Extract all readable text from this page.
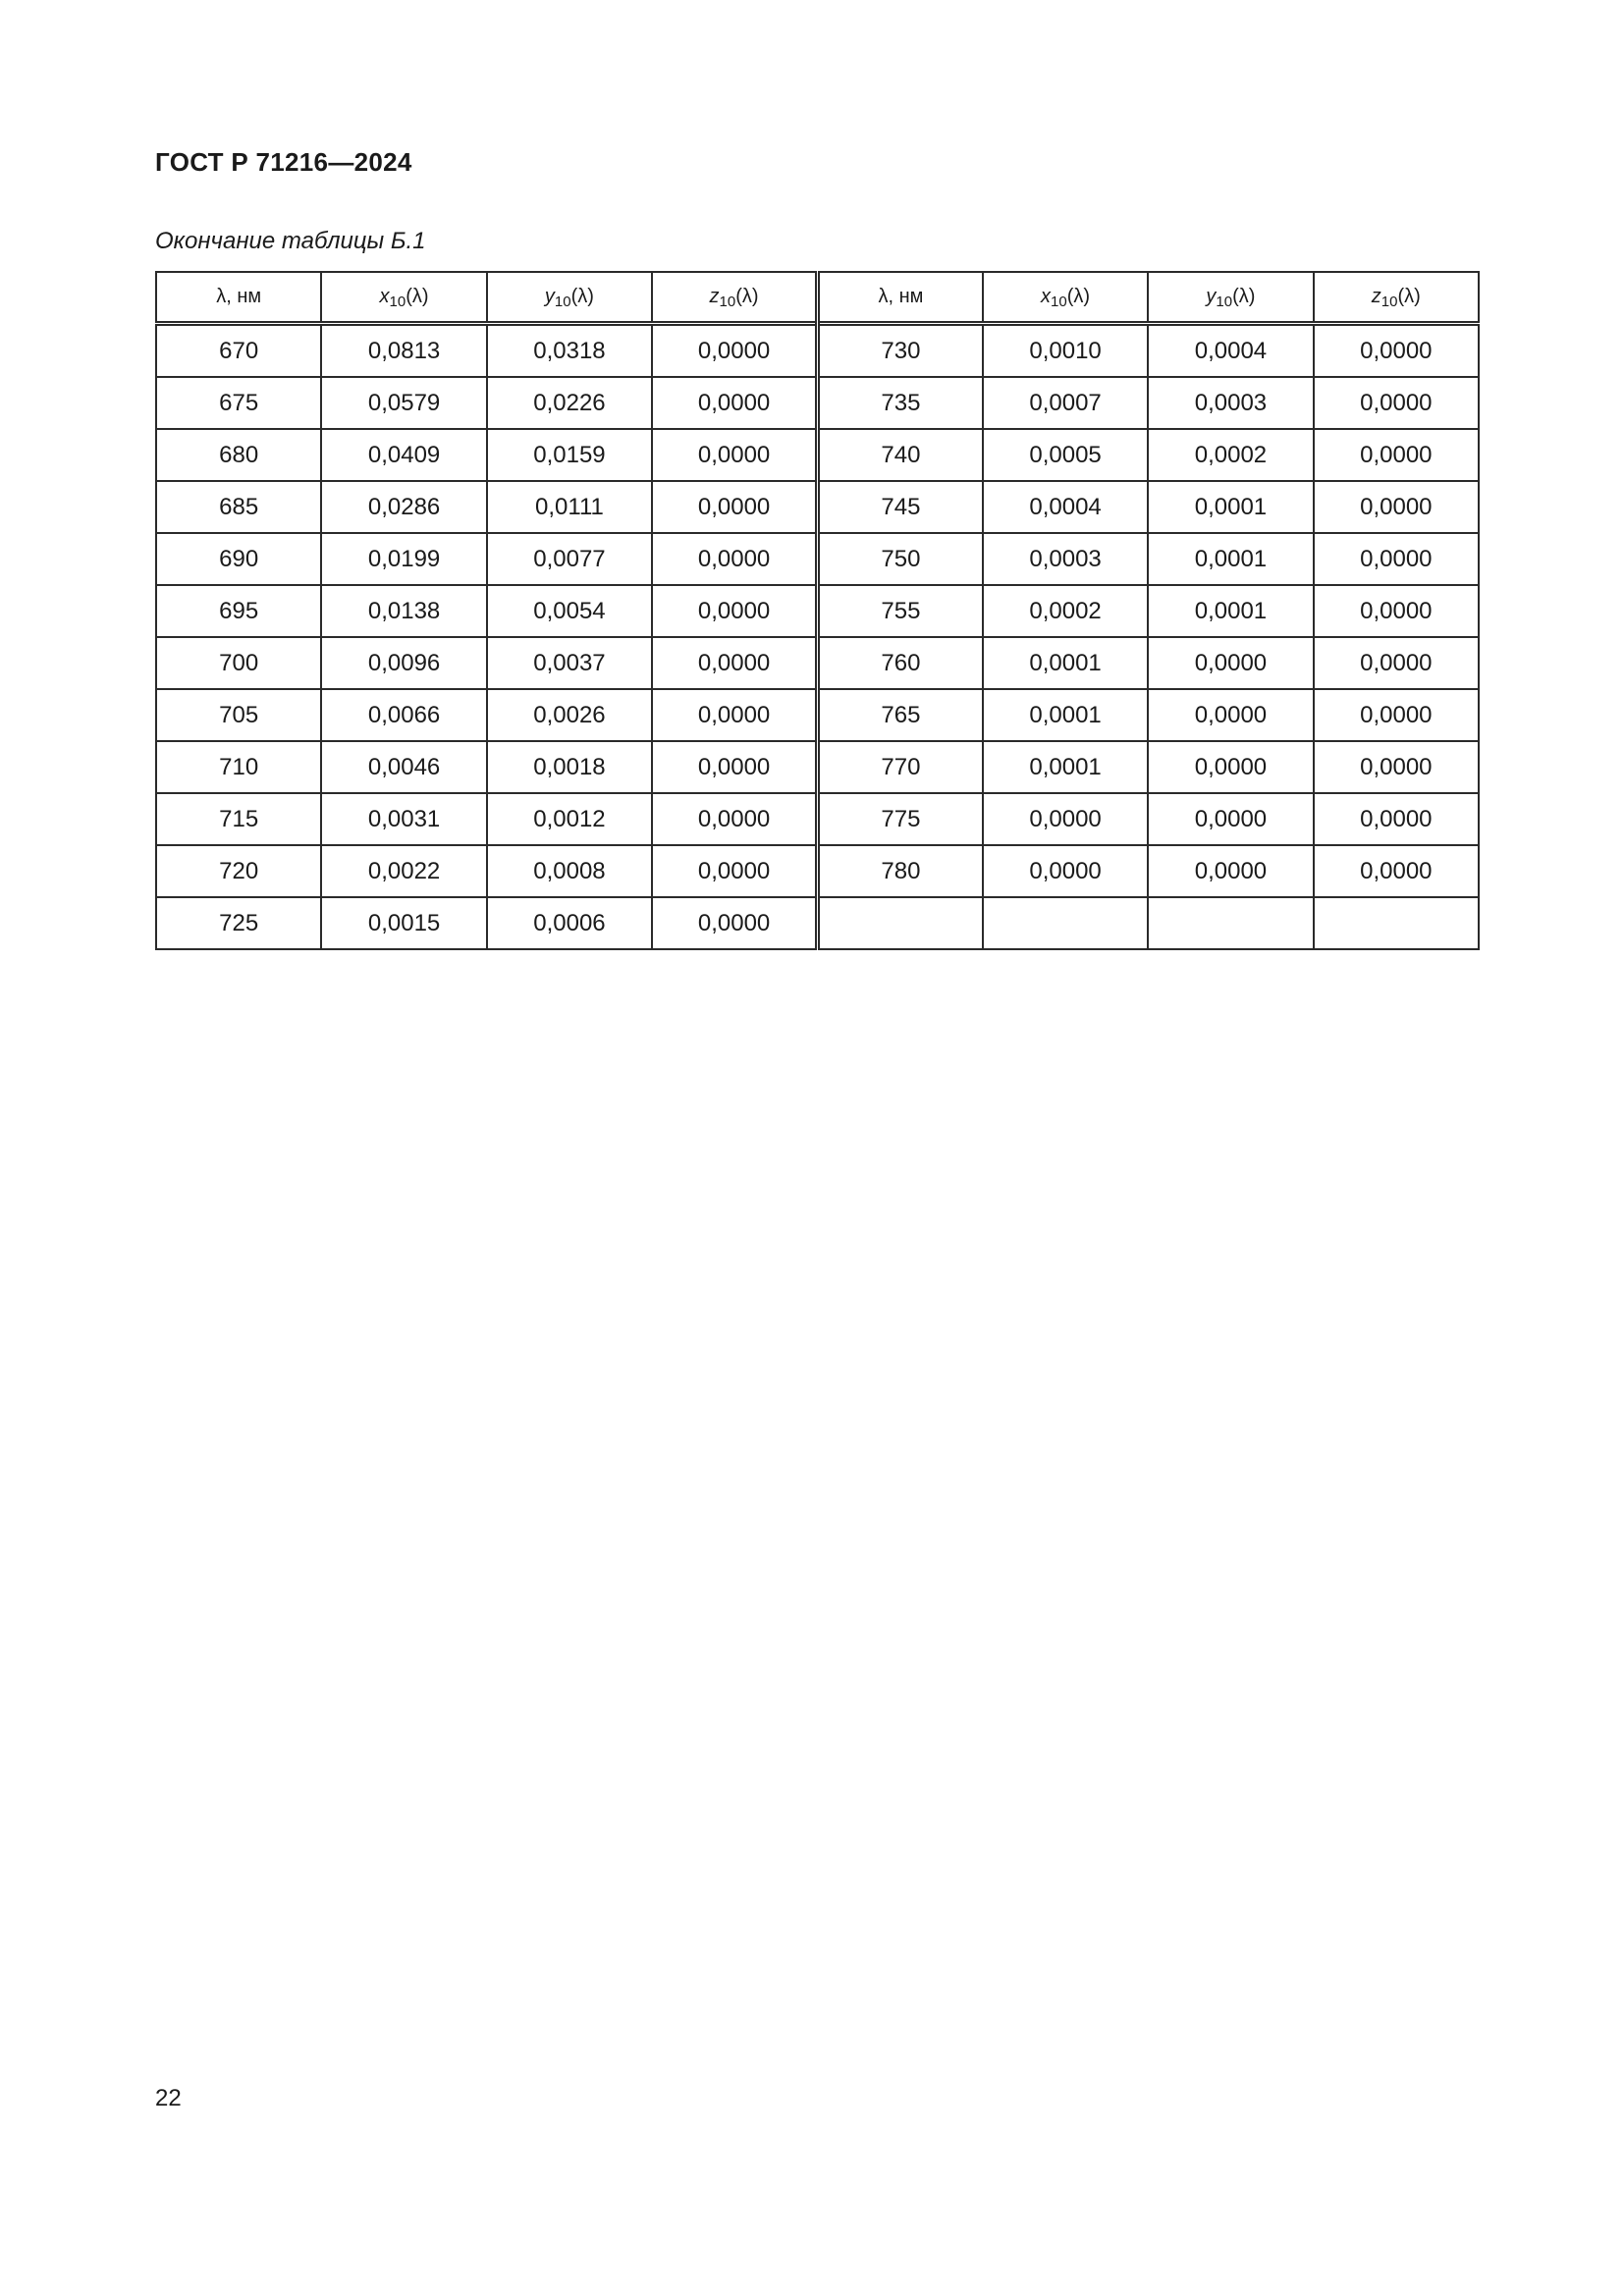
ГОСТ Р 71216—2024
Окончание таблицы Б.1
λ, нм	$x_{10}(\lambda)$	$y_{10}(\lambda)$	$z_{10}(\lambda)$	λ, нм	$x_{10}(\lambda)$	$y_{10}(\lambda)$	$z_{10}(\lambda)$
670	0,0813	0,0318	0,0000	730	0,0010	0,0004	0,0000
675	0,0579	0,0226	0,0000	735	0,0007	0,0003	0,0000
680	0,0409	0,0159	0,0000	740	0,0005	0,0002	0,0000
685	0,0286	0,0111	0,0000	745	0,0004	0,0001	0,0000
690	0,0199	0,0077	0,0000	750	0,0003	0,0001	0,0000
695	0,0138	0,0054	0,0000	755	0,0002	0,0001	0,0000
700	0,0096	0,0037	0,0000	760	0,0001	0,0000	0,0000
705	0,0066	0,0026	0,0000	765	0,0001	0,0000	0,0000
710	0,0046	0,0018	0,0000	770	0,0001	0,0000	0,0000
715	0,0031	0,0012	0,0000	775	0,0000	0,0000	0,0000
720	0,0022	0,0008	0,0000	780	0,0000	0,0000	0,0000
725	0,0015	0,0006	0,0000				
22
